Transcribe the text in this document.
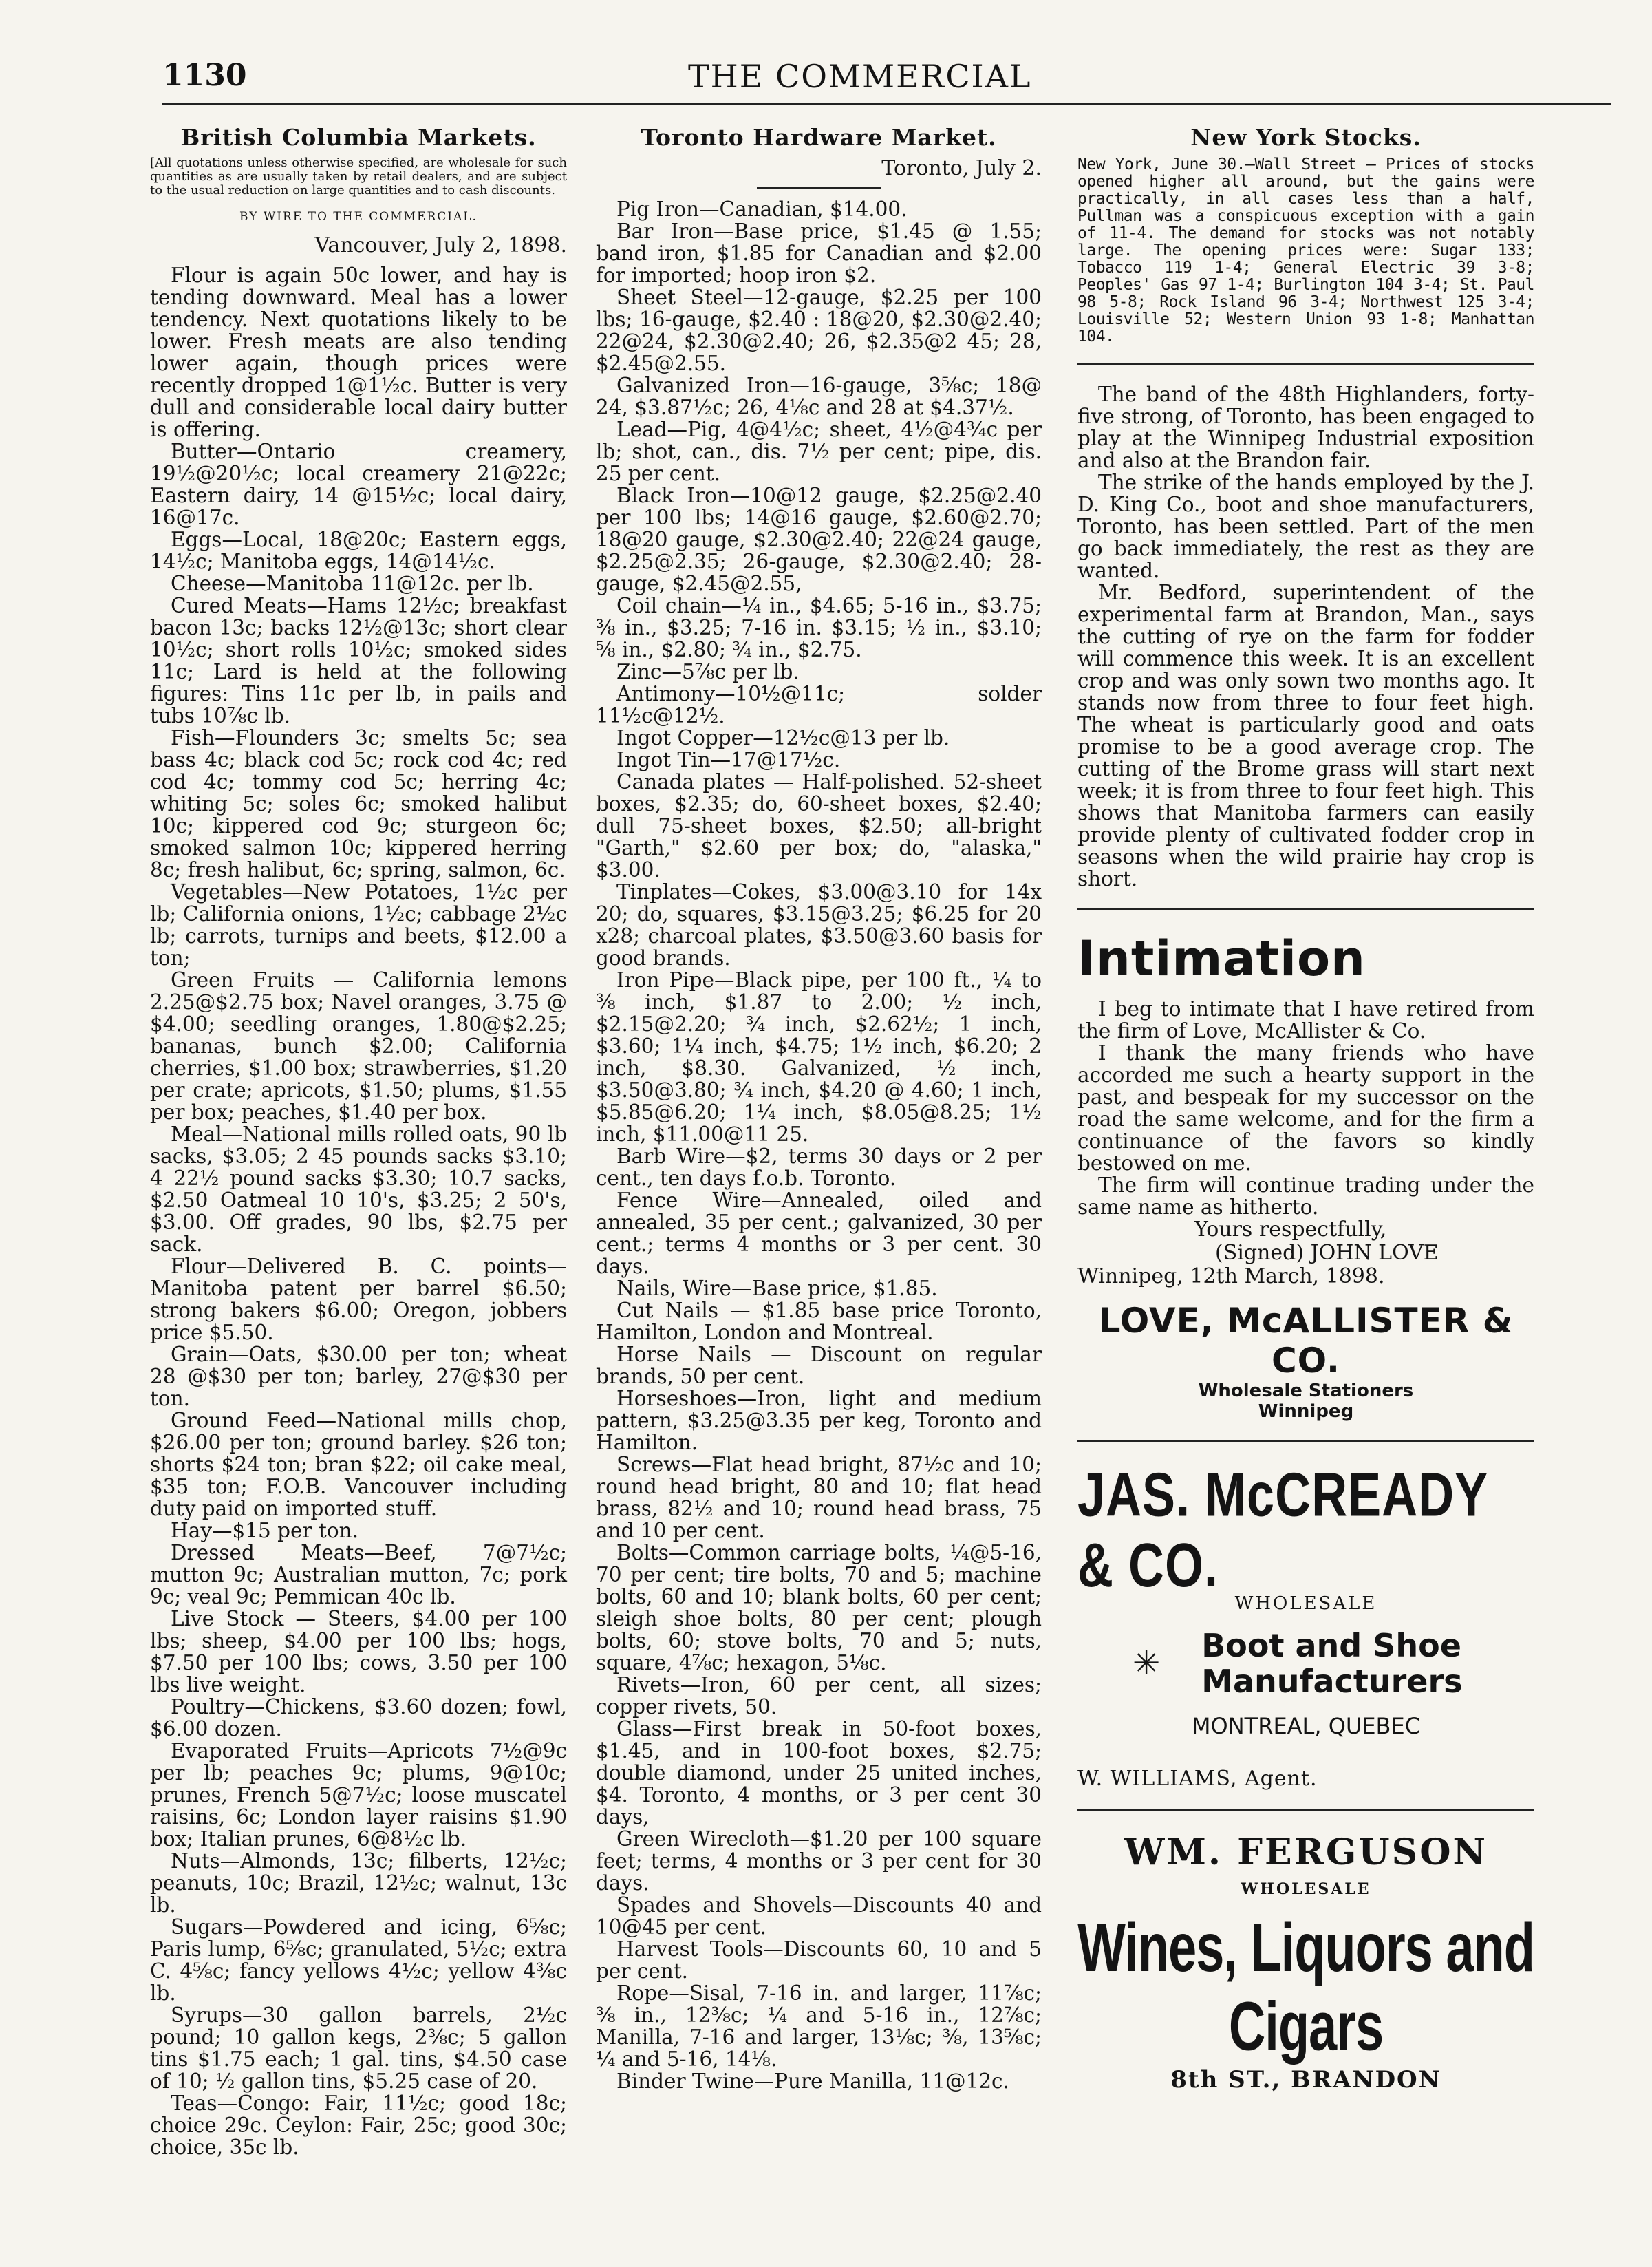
1130	THE COMMERCIAL
British Columbia Markets.

[All quotations unless otherwise specified, are wholesale for such quantities as are usually taken by retail dealers, and are subject to the usual reduction on large quantities and to cash discounts.

BY WIRE TO THE COMMERCIAL.
Vancouver, July 2, 1898.

Flour is again 50c lower, and hay is tending downward. Meal has a lower tendency. Next quotations likely to be lower. Fresh meats are also tending lower again, though prices were recently dropped 1@1½c. Butter is very dull and considerable local dairy butter is offering.

Butter—Ontario creamery, 19½@20½c; local creamery 21@22c; Eastern dairy, 14 @15½c; local dairy, 16@17c.

Eggs—Local, 18@20c; Eastern eggs, 14½c; Manitoba eggs, 14@14½c.

Cheese—Manitoba 11@12c. per lb.

Cured Meats—Hams 12½c; breakfast bacon 13c; backs 12½@13c; short clear 10½c; short rolls 10½c; smoked sides 11c; Lard is held at the following figures: Tins 11c per lb, in pails and tubs 10⅞c lb.

Fish—Flounders 3c; smelts 5c; sea bass 4c; black cod 5c; rock cod 4c; red cod 4c; tommy cod 5c; herring 4c; whiting 5c; soles 6c; smoked halibut 10c; kippered cod 9c; sturgeon 6c; smoked salmon 10c; kippered herring 8c; fresh halibut, 6c; spring, salmon, 6c.

Vegetables—New Potatoes, 1½c per lb; California onions, 1½c; cabbage 2½c lb; carrots, turnips and beets, $12.00 a ton;

Green Fruits — California lemons 2.25@$2.75 box; Navel oranges, 3.75 @ $4.00; seedling oranges, 1.80@$2.25; bananas, bunch $2.00; California cherries, $1.00 box; strawberries, $1.20 per crate; apricots, $1.50; plums, $1.55 per box; peaches, $1.40 per box.

Meal—National mills rolled oats, 90 lb sacks, $3.05; 2 45 pounds sacks $3.10; 4 22½ pound sacks $3.30; 10.7 sacks, $2.50 Oatmeal 10 10's, $3.25; 2 50's, $3.00. Off grades, 90 lbs, $2.75 per sack.

Flour—Delivered B. C. points—Manitoba patent per barrel $6.50; strong bakers $6.00; Oregon, jobbers price $5.50.

Grain—Oats, $30.00 per ton; wheat 28 @$30 per ton; barley, 27@$30 per ton.

Ground Feed—National mills chop, $26.00 per ton; ground barley. $26 ton; shorts $24 ton; bran $22; oil cake meal, $35 ton; F.O.B. Vancouver including duty paid on imported stuff.

Hay—$15 per ton.

Dressed Meats—Beef, 7@7½c; mutton 9c; Australian mutton, 7c; pork 9c; veal 9c; Pemmican 40c lb.

Live Stock — Steers, $4.00 per 100 lbs; sheep, $4.00 per 100 lbs; hogs, $7.50 per 100 lbs; cows, 3.50 per 100 lbs live weight.

Poultry—Chickens, $3.60 dozen; fowl, $6.00 dozen.

Evaporated Fruits—Apricots 7½@9c per lb; peaches 9c; plums, 9@10c; prunes, French 5@7½c; loose muscatel raisins, 6c; London layer raisins $1.90 box; Italian prunes, 6@8½c lb.

Nuts—Almonds, 13c; filberts, 12½c; peanuts, 10c; Brazil, 12½c; walnut, 13c lb.

Sugars—Powdered and icing, 6⅝c; Paris lump, 6⅝c; granulated, 5½c; extra C. 4⅝c; fancy yellows 4½c; yellow 4⅜c lb.

Syrups—30 gallon barrels, 2½c pound; 10 gallon kegs, 2⅜c; 5 gallon tins $1.75 each; 1 gal. tins, $4.50 case of 10; ½ gallon tins, $5.25 case of 20.

Teas—Congo: Fair, 11½c; good 18c; choice 29c. Ceylon: Fair, 25c; good 30c; choice, 35c lb.

Toronto Hardware Market.
Toronto, July 2.

Pig Iron—Canadian, $14.00.

Bar Iron—Base price, $1.45 @ 1.55; band iron, $1.85 for Canadian and $2.00 for imported; hoop iron $2.

Sheet Steel—12-gauge, $2.25 per 100 lbs; 16-gauge, $2.40 : 18@20, $2.30@2.40; 22@24, $2.30@2.40; 26, $2.35@2 45; 28, $2.45@2.55.

Galvanized Iron—16-gauge, 3⅝c; 18@ 24, $3.87½c; 26, 4⅛c and 28 at $4.37½.

Lead—Pig, 4@4½c; sheet, 4½@4¾c per lb; shot, can., dis. 7½ per cent; pipe, dis. 25 per cent.

Black Iron—10@12 gauge, $2.25@2.40 per 100 lbs; 14@16 gauge, $2.60@2.70; 18@20 gauge, $2.30@2.40; 22@24 gauge, $2.25@2.35; 26-gauge, $2.30@2.40; 28-gauge, $2.45@2.55,

Coil chain—¼ in., $4.65; 5-16 in., $3.75; ⅜ in., $3.25; 7-16 in. $3.15; ½ in., $3.10; ⅝ in., $2.80; ¾ in., $2.75.

Zinc—5⅞c per lb.

Antimony—10½@11c; solder 11½c@12½.

Ingot Copper—12½c@13 per lb.

Ingot Tin—17@17½c.

Canada plates — Half-polished. 52-sheet boxes, $2.35; do, 60-sheet boxes, $2.40; dull 75-sheet boxes, $2.50; all-bright "Garth," $2.60 per box; do, "alaska," $3.00.

Tinplates—Cokes, $3.00@3.10 for 14x 20; do, squares, $3.15@3.25; $6.25 for 20 x28; charcoal plates, $3.50@3.60 basis for good brands.

Iron Pipe—Black pipe, per 100 ft., ¼ to ⅜ inch, $1.87 to 2.00; ½ inch, $2.15@2.20; ¾ inch, $2.62½; 1 inch, $3.60; 1¼ inch, $4.75; 1½ inch, $6.20; 2 inch, $8.30. Galvanized, ½ inch, $3.50@3.80; ¾ inch, $4.20 @ 4.60; 1 inch, $5.85@6.20; 1¼ inch, $8.05@8.25; 1½ inch, $11.00@11 25.

Barb Wire—$2, terms 30 days or 2 per cent., ten days f.o.b. Toronto.

Fence Wire—Annealed, oiled and annealed, 35 per cent.; galvanized, 30 per cent.; terms 4 months or 3 per cent. 30 days.

Nails, Wire—Base price, $1.85.

Cut Nails — $1.85 base price Toronto, Hamilton, London and Montreal.

Horse Nails — Discount on regular brands, 50 per cent.

Horseshoes—Iron, light and medium pattern, $3.25@3.35 per keg, Toronto and Hamilton.

Screws—Flat head bright, 87½c and 10; round head bright, 80 and 10; flat head brass, 82½ and 10; round head brass, 75 and 10 per cent.

Bolts—Common carriage bolts, ¼@5-16, 70 per cent; tire bolts, 70 and 5; machine bolts, 60 and 10; blank bolts, 60 per cent; sleigh shoe bolts, 80 per cent; plough bolts, 60; stove bolts, 70 and 5; nuts, square, 4⅞c; hexagon, 5⅛c.

Rivets—Iron, 60 per cent, all sizes; copper rivets, 50.

Glass—First break in 50-foot boxes, $1.45, and in 100-foot boxes, $2.75; double diamond, under 25 united inches, $4. Toronto, 4 months, or 3 per cent 30 days,

Green Wirecloth—$1.20 per 100 square feet; terms, 4 months or 3 per cent for 30 days.

Spades and Shovels—Discounts 40 and 10@45 per cent.

Harvest Tools—Discounts 60, 10 and 5 per cent.

Rope—Sisal, 7-16 in. and larger, 11⅞c; ⅜ in., 12⅜c; ¼ and 5-16 in., 12⅞c; Manilla, 7-16 and larger, 13⅛c; ⅜, 13⅝c; ¼ and 5-16, 14⅛.

Binder Twine—Pure Manilla, 11@12c.

New York Stocks.

New York, June 30.—Wall Street — Prices of stocks opened higher all around, but the gains were practically, in all cases less than a half, Pullman was a conspicuous exception with a gain of 11-4. The demand for stocks was not notably large. The opening prices were: Sugar 133; Tobacco 119 1-4; General Electric 39 3-8; Peoples' Gas 97 1-4; Burlington 104 3-4; St. Paul 98 5-8; Rock Island 96 3-4; Northwest 125 3-4; Louisville 52; Western Union 93 1-8; Manhattan 104.

The band of the 48th Highlanders, forty-five strong, of Toronto, has been engaged to play at the Winnipeg Industrial exposition and also at the Brandon fair.

The strike of the hands employed by the J. D. King Co., boot and shoe manufacturers, Toronto, has been settled. Part of the men go back immediately, the rest as they are wanted.

Mr. Bedford, superintendent of the experimental farm at Brandon, Man., says the cutting of rye on the farm for fodder will commence this week. It is an excellent crop and was only sown two months ago. It stands now from three to four feet high. The wheat is particularly good and oats promise to be a good average crop. The cutting of the Brome grass will start next week; it is from three to four feet high. This shows that Manitoba farmers can easily provide plenty of cultivated fodder crop in seasons when the wild prairie hay crop is short.

Intimation

I beg to intimate that I have retired from the firm of Love, McAllister & Co.

I thank the many friends who have accorded me such a hearty support in the past, and bespeak for my successor on the road the same welcome, and for the firm a continuance of the favors so kindly bestowed on me.

The firm will continue trading under the same name as hitherto.

Yours respectfully,
(Signed) JOHN LOVE
Winnipeg, 12th March, 1898.
LOVE, McALLISTER & CO.
Wholesale Stationers
Winnipeg
JAS. McCREADY & CO.
WHOLESALE
✳ Boot and Shoe
Manufacturers
MONTREAL, QUEBEC
W. WILLIAMS, Agent.
WM. FERGUSON
WHOLESALE
Wines, Liquors and Cigars
8th ST., BRANDON
